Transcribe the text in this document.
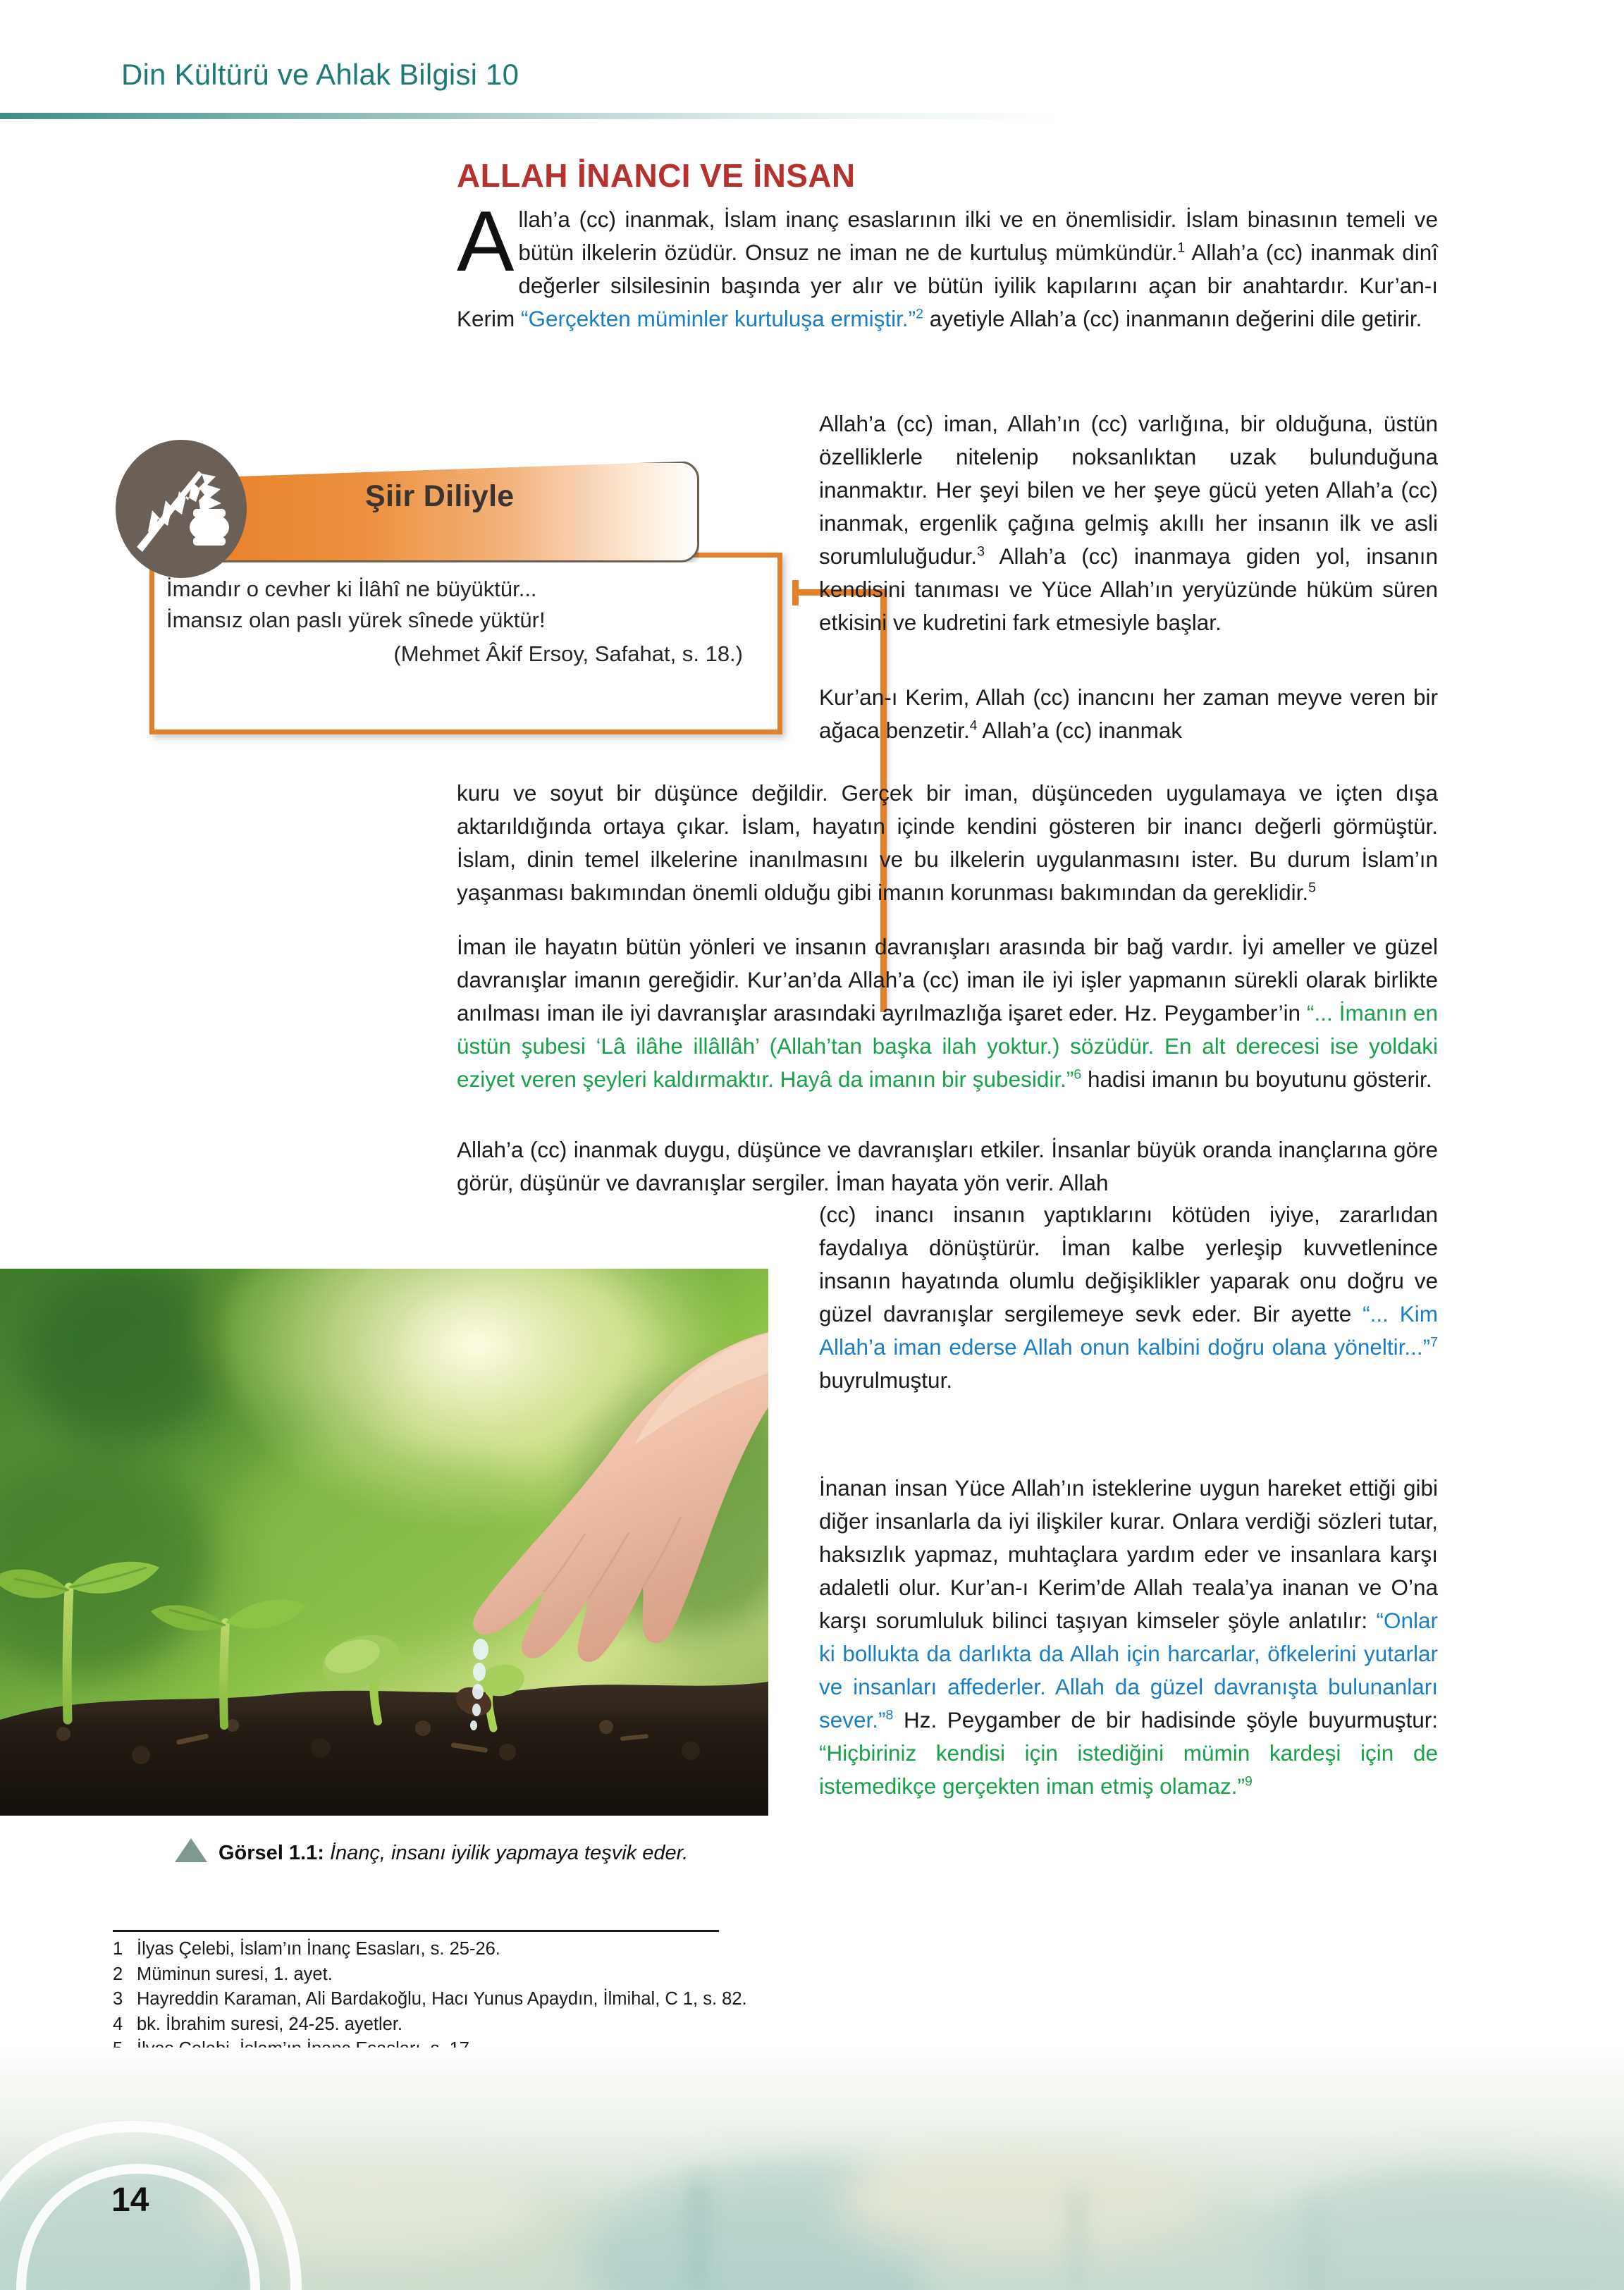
Din Kültürü ve Ahlak Bilgisi 10
ALLAH İNANCI VE İNSAN
Allah’a (cc) inanmak, İslam inanç esaslarının ilki ve en önemlisidir. İslam binasının temeli ve bütün ilkelerin özüdür. Onsuz ne iman ne de kurtuluş mümkündür.$^1$ Allah’a (cc) inanmak dinî değerler silsilesinin başında yer alır ve bütün iyilik kapılarını açan bir anahtardır. Kur’an-ı Kerim “Gerçekten müminler kurtuluşa ermiştir.”$^2$ ayetiyle Allah’a (cc) inanmanın değerini dile getirir.
İmandır o cevher ki İlâhî ne büyüktür...
İmansız olan paslı yürek sînede yüktür!
(Mehmet Âkif Ersoy, Safahat, s. 18.)
Şiir Diliyle
Allah’a (cc) iman, Allah’ın (cc) varlığına, bir olduğuna, üstün özelliklerle nitelenip noksanlıktan uzak bulunduğuna inanmaktır. Her şeyi bilen ve her şeye gücü yeten Allah’a (cc) inanmak, ergenlik çağına gelmiş akıllı her insanın ilk ve asli sorumluluğudur.$^3$ Allah’a (cc) inanmaya giden yol, insanın kendisini tanıması ve Yüce Allah’ın yeryüzünde hüküm süren etkisini ve kudretini fark etmesiyle başlar.
Kur’an-ı Kerim, Allah (cc) inancını her zaman meyve veren bir ağaca benzetir.$^4$ Allah’a (cc) inanmak
kuru ve soyut bir düşünce değildir. Gerçek bir iman, düşünceden uygulamaya ve içten dışa aktarıldığında ortaya çıkar. İslam, hayatın içinde kendini gösteren bir inancı değerli görmüştür. İslam, dinin temel ilkelerine inanılmasını ve bu ilkelerin uygulanmasını ister. Bu durum İslam’ın yaşanması bakımından önemli olduğu gibi imanın korunması bakımından da gereklidir.$^5$
İman ile hayatın bütün yönleri ve insanın davranışları arasında bir bağ vardır. İyi ameller ve güzel davranışlar imanın gereğidir. Kur’an’da Allah’a (cc) iman ile iyi işler yapmanın sürekli olarak birlikte anılması iman ile iyi davranışlar arasındaki ayrılmazlığa işaret eder. Hz. Peygamber’in “... İmanın en üstün şubesi ‘Lâ ilâhe illâllâh’ (Allah’tan başka ilah yoktur.) sözüdür. En alt derecesi ise yoldaki eziyet veren şeyleri kaldırmaktır. Hayâ da imanın bir şubesidir.”$^6$ hadisi imanın bu boyutunu gösterir.
Allah’a (cc) inanmak duygu, düşünce ve davranışları etkiler. İnsanlar büyük oranda inançlarına göre görür, düşünür ve davranışlar sergiler. İman hayata yön verir. Allah
(cc) inancı insanın yaptıklarını kötüden iyiye, zararlıdan faydalıya dönüştürür. İman kalbe yerleşip kuvvetlenince insanın hayatında olumlu değişiklikler yaparak onu doğru ve güzel davranışlar sergilemeye sevk eder. Bir ayette “... Kim Allah’a iman ederse Allah onun kalbini doğru olana yöneltir...”$^7$ buyrulmuştur.
İnanan insan Yüce Allah’ın isteklerine uygun hareket ettiği gibi diğer insanlarla da iyi ilişkiler kurar. Onlara verdiği sözleri tutar, haksızlık yapmaz, muhtaçlara yardım eder ve insanlara karşı adaletli olur. Kur’an-ı Kerim’de Allah ᴛeala’ya inanan ve O’na karşı sorumluluk bilinci taşıyan kimseler şöyle anlatılır: “Onlar ki bollukta da darlıkta da Allah için harcarlar, öfkelerini yutarlar ve insanları affederler. Allah da güzel davranışta bulunanları sever.”$^8$ Hz. Peygamber de bir hadisinde şöyle buyurmuştur: “Hiçbiriniz kendisi için istediğini mümin kardeşi için de istemedikçe gerçekten iman etmiş olamaz.”$^9$
Görsel 1.1: İnanç, insanı iyilik yapmaya teşvik eder.
1 İlyas Çelebi, İslam’ın İnanç Esasları, s. 25-26.
2 Müminun suresi, 1. ayet.
3 Hayreddin Karaman, Ali Bardakoğlu, Hacı Yunus Apaydın, İlmihal, C 1, s. 82.
4 bk. İbrahim suresi, 24-25. ayetler.
14
